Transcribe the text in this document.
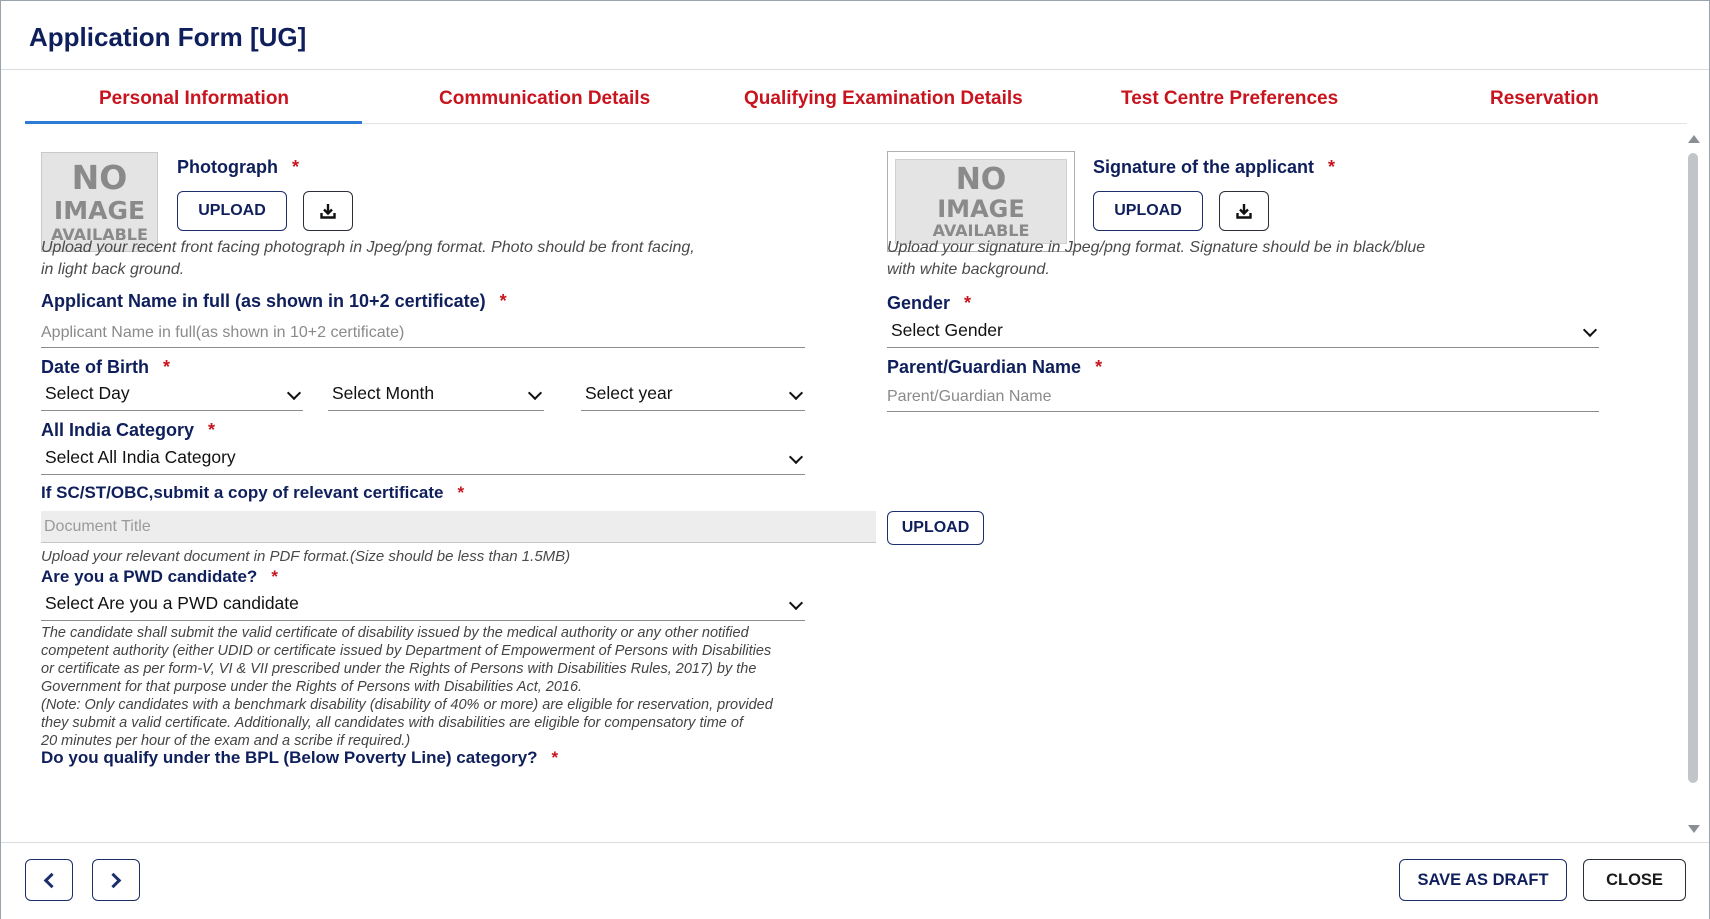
Application Form [UG]
Personal Information	Communication Details	Qualifying Examination Details	Test Centre Preferences	Reservation
NO
IMAGE
AVAILABLE
Photograph *
UPLOAD
Upload your recent front facing photograph in Jpeg/png format. Photo should be front facing,
in light back ground.
NO
IMAGE
AVAILABLE
Signature of the applicant *
UPLOAD
Upload your signature in Jpeg/png format. Signature should be in black/blue
with white background.
Applicant Name in full (as shown in 10+2 certificate) *
Applicant Name in full(as shown in 10+2 certificate)
Gender *
Select Gender
Date of Birth *
Select Day	Select Month	Select year
Parent/Guardian Name *
Parent/Guardian Name
All India Category *
Select All India Category
If SC/ST/OBC,submit a copy of relevant certificate *
Document Title	UPLOAD
Upload your relevant document in PDF format.(Size should be less than 1.5MB)
Are you a PWD candidate? *
Select Are you a PWD candidate
The candidate shall submit the valid certificate of disability issued by the medical authority or any other notified
competent authority (either UDID or certificate issued by Department of Empowerment of Persons with Disabilities
or certificate as per form-V, VI & VII prescribed under the Rights of Persons with Disabilities Rules, 2017) by the
Government for that purpose under the Rights of Persons with Disabilities Act, 2016.
(Note: Only candidates with a benchmark disability (disability of 40% or more) are eligible for reservation, provided
they submit a valid certificate. Additionally, all candidates with disabilities are eligible for compensatory time of
20 minutes per hour of the exam and a scribe if required.)
Do you qualify under the BPL (Below Poverty Line) category? *
SAVE AS DRAFT	CLOSE
